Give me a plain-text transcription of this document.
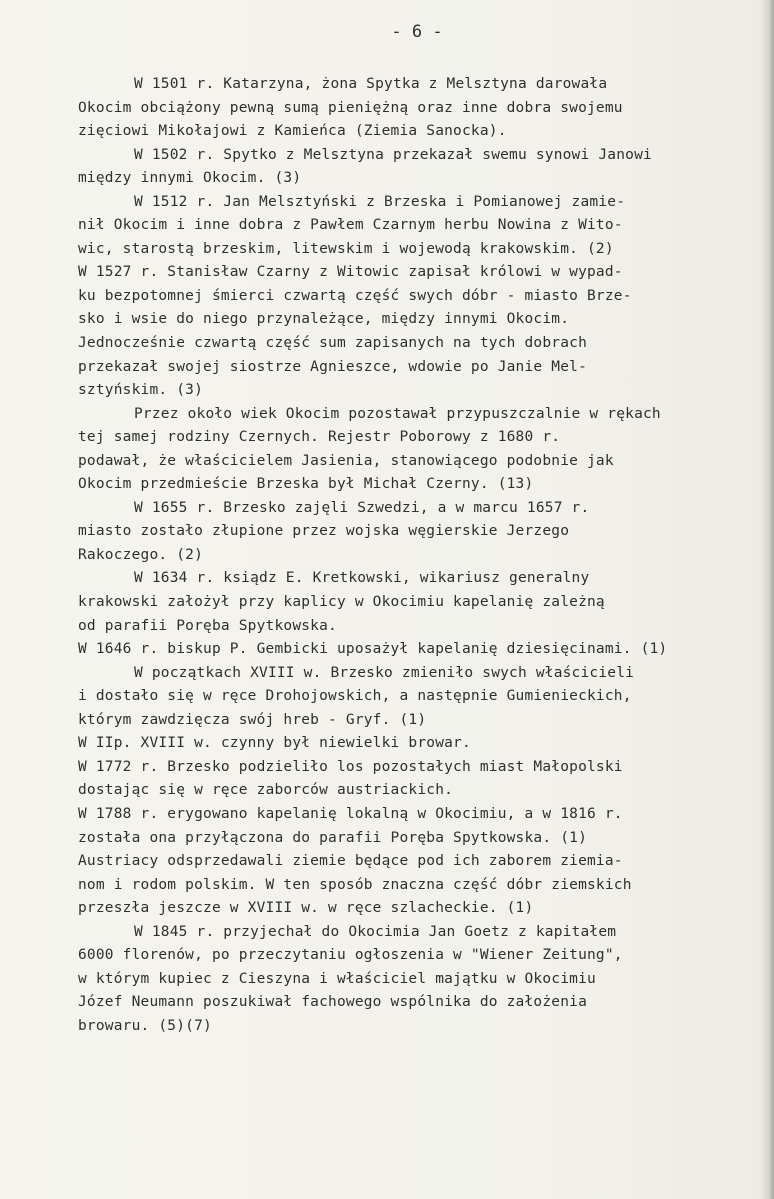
- 6 -
W 1501 r. Katarzyna, żona Spytka z Melsztyna darowała
Okocim obciążony pewną sumą pieniężną oraz inne dobra swojemu
zięciowi Mikołajowi z Kamieńca (Ziemia Sanocka).
W 1502 r. Spytko z Melsztyna przekazał swemu synowi Janowi
między innymi Okocim. (3)
W 1512 r. Jan Melsztyński z Brzeska i Pomianowej zamie-
nił Okocim i inne dobra z Pawłem Czarnym herbu Nowina z Wito-
wic, starostą brzeskim, litewskim i wojewodą krakowskim. (2)
W 1527 r. Stanisław Czarny z Witowic zapisał królowi w wypad-
ku bezpotomnej śmierci czwartą część swych dóbr - miasto Brze-
sko i wsie do niego przynależące, między innymi Okocim.
Jednocześnie czwartą część sum zapisanych na tych dobrach
przekazał swojej siostrze Agnieszce, wdowie po Janie Mel-
sztyńskim. (3)
Przez około wiek Okocim pozostawał przypuszczalnie w rękach
tej samej rodziny Czernych. Rejestr Poborowy z 1680 r.
podawał, że właścicielem Jasienia, stanowiącego podobnie jak
Okocim przedmieście Brzeska był Michał Czerny. (13)
W 1655 r. Brzesko zajęli Szwedzi, a w marcu 1657 r.
miasto zostało złupione przez wojska węgierskie Jerzego
Rakoczego. (2)
W 1634 r. ksiądz E. Kretkowski, wikariusz generalny
krakowski założył przy kaplicy w Okocimiu kapelanię zależną
od parafii Poręba Spytkowska.
W 1646 r. biskup P. Gembicki uposażył kapelanię dziesięcinami. (1)
W początkach XVIII w. Brzesko zmieniło swych właścicieli
i dostało się w ręce Drohojowskich, a następnie Gumienieckich,
którym zawdzięcza swój hreb - Gryf. (1)
W IIp. XVIII w. czynny był niewielki browar.
W 1772 r. Brzesko podzieliło los pozostałych miast Małopolski
dostając się w ręce zaborców austriackich.
W 1788 r. erygowano kapelanię lokalną w Okocimiu, a w 1816 r.
została ona przyłączona do parafii Poręba Spytkowska. (1)
Austriacy odsprzedawali ziemie będące pod ich zaborem ziemia-
nom i rodom polskim. W ten sposób znaczna część dóbr ziemskich
przeszła jeszcze w XVIII w. w ręce szlacheckie. (1)
W 1845 r. przyjechał do Okocimia Jan Goetz z kapitałem
6000 florenów, po przeczytaniu ogłoszenia w "Wiener Zeitung",
w którym kupiec z Cieszyna i właściciel majątku w Okocimiu
Józef Neumann poszukiwał fachowego wspólnika do założenia
browaru. (5)(7)
